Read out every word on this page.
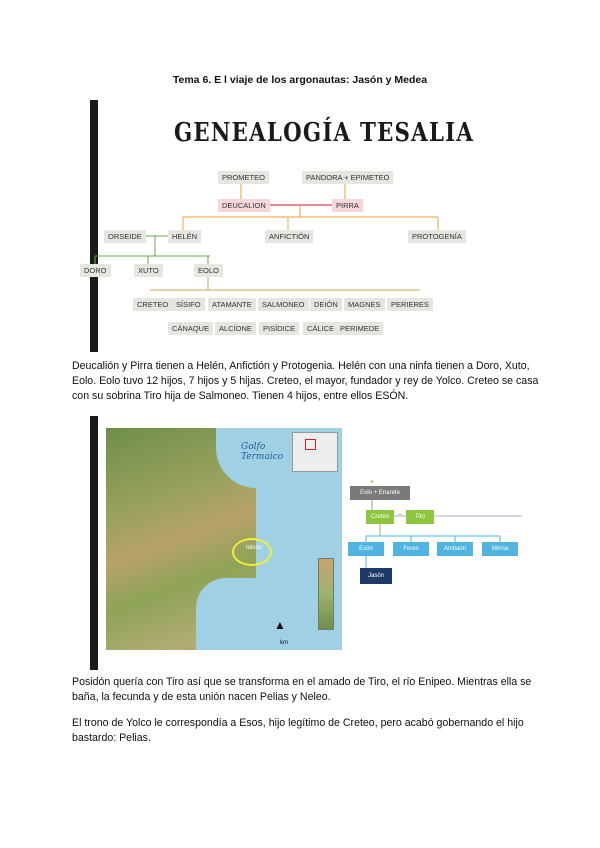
Tema 6. E l viaje de los argonautas: Jasón y Medea
GENEALOGÍA TESALIA
PROMETEO	PANDORA + EPIMETEO
DEUCALION	PIRRA
ORSEIDE	HELÉN	ANFICTIÓN	PROTOGENÍA
DORO	XUTO	EOLO
CRETEO	SÍSIFO	ATAMANTE	SALMONEO	DEIÓN	MAGNES	PERIERES
CÁNAQUE	ALCÍONE	PISÍDICE	CÁLICE PERIMEDE
Deucalión y Pirra tienen a Helén, Anfictión y Protogenia. Helén con una ninfa tienen a Doro, Xuto, Eolo. Eolo tuvo 12 hijos, 7 hijos y 5 hijas. Creteo, el mayor, fundador y rey de Yolco. Creteo se casa con su sobrina Tiro hija de Salmoneo. Tienen 4 hijos, entre ellos ESÓN.
Golfo Termaico
Iolcos
km
▲
◂
Eolo + Enarete
Creteo	+	Tiro
Esón	Feres	Amitaón	Mirina
Jasón
Posidón quería con Tiro así que se transforma en el amado de Tiro, el río Enipeo. Mientras ella se baña, la fecunda y de esta unión nacen Pelias y Neleo.
El trono de Yolco le correspondía a Esos, hijo legítimo de Creteo, pero acabó gobernando el hijo bastardo: Pelias.
